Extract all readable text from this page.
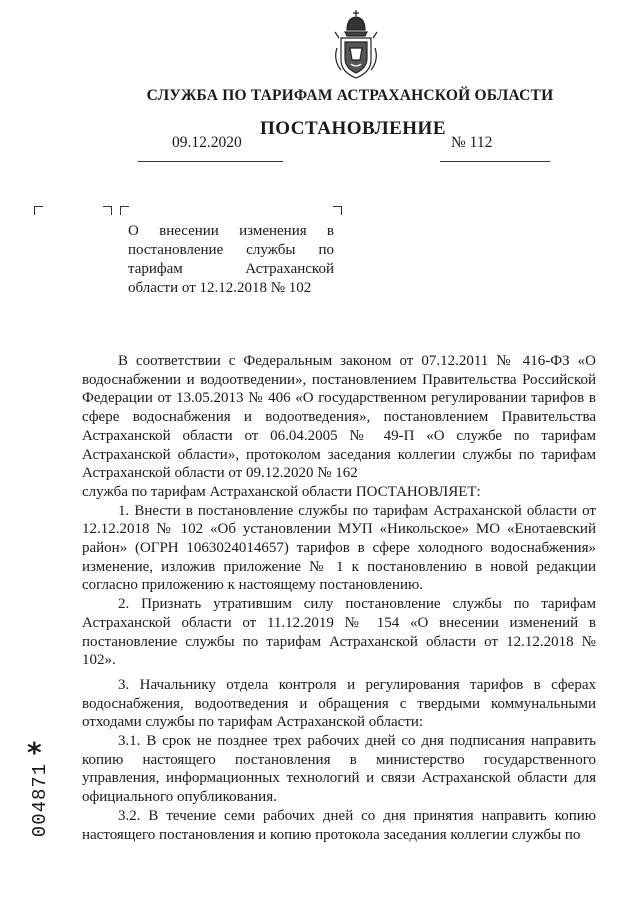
СЛУЖБА ПО ТАРИФАМ АСТРАХАНСКОЙ ОБЛАСТИ
ПОСТАНОВЛЕНИЕ
09.12.2020	№ 112

О внесении изменения в

постановление службы по

тарифам Астраханской

области от 12.12.2018 № 102

В соответствии с Федеральным законом от 07.12.2011 № 416-ФЗ «О водоснабжении и водоотведении», постановлением Правительства Российской Федерации от 13.05.2013 № 406 «О государственном регулировании тарифов в сфере водоснабжения и водоотведения», постановлением Правительства Астраханской области от 06.04.2005 № 49-П «О службе по тарифам Астраханской области», протоколом заседания коллегии службы по тарифам Астраханской области от 09.12.2020 № 162

служба по тарифам Астраханской области ПОСТАНОВЛЯЕТ:

1. Внести в постановление службы по тарифам Астраханской области от 12.12.2018 № 102 «Об установлении МУП «Никольское» МО «Енотаевский район» (ОГРН 1063024014657) тарифов в сфере холодного водоснабжения» изменение, изложив приложение № 1 к постановлению в новой редакции согласно приложению к настоящему постановлению.

2. Признать утратившим силу постановление службы по тарифам Астраханской области от 11.12.2019 № 154 «О внесении изменений в постановление службы по тарифам Астраханской области от 12.12.2018 № 102».

3. Начальнику отдела контроля и регулирования тарифов в сферах водоснабжения, водоотведения и обращения с твердыми коммунальными отходами службы по тарифам Астраханской области:

3.1. В срок не позднее трех рабочих дней со дня подписания направить копию настоящего постановления в министерство государственного управления, информационных технологий и связи Астраханской области для официального опубликования.

3.2. В течение семи рабочих дней со дня принятия направить копию настоящего постановления и копию протокола заседания коллегии службы по

*
004871
